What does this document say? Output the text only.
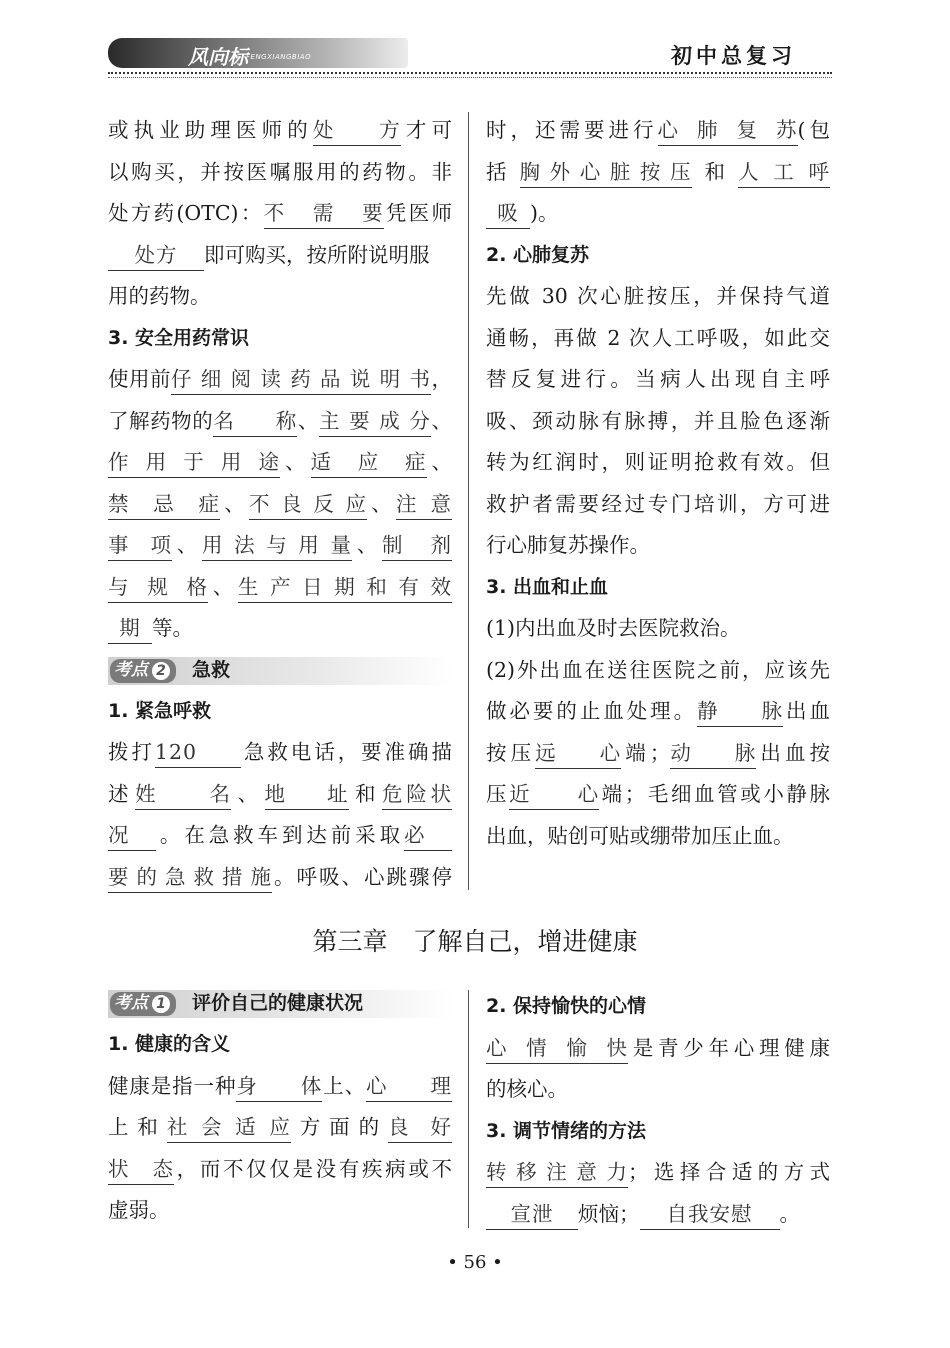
风向标
FENGXIANGBIAO	初中总复习

或执业助理医师的处方才可

以购买，并按医嘱服用的药物。非

处方药(OTC)：不需要凭医师

处方 即可购买，按所附说明服

用的药物。

3. 安全用药常识

使用前仔细阅读药品说明书，

了解药物的名称、主要成分、

作用于用途、适应症、

禁忌症、不良反应、注意

事项、用法与用量、制剂

与规格、生产日期和有效

期 等。

考点 2 急救

1. 紧急呼救

拨打120 急救电话，要准确描

述姓名、地址和危险状

况 。在急救车到达前采取必

要的急救措施。呼吸、心跳骤停

时，还需要进行心肺复苏(包

括胸外心脏按压和人工呼

吸 )。

2. 心肺复苏

先做 30 次心脏按压，并保持气道

通畅，再做 2 次人工呼吸，如此交

替反复进行。当病人出现自主呼

吸、颈动脉有脉搏，并且脸色逐渐

转为红润时，则证明抢救有效。但

救护者需要经过专门培训，方可进

行心肺复苏操作。

3. 出血和止血

(1)内出血及时去医院救治。

(2)外出血在送往医院之前，应该先

做必要的止血处理。静脉出血

按压远心端；动脉出血按

压近心端；毛细血管或小静脉

出血，贴创可贴或绷带加压止血。

第三章　了解自己，增进健康
考点 1 评价自己的健康状况

1. 健康的含义

健康是指一种身体上、心理

上和社会适应方面的良好

状态，而不仅仅是没有疾病或不

虚弱。

2. 保持愉快的心情

心情愉快是青少年心理健康

的核心。

3. 调节情绪的方法

转移注意力；选择合适的方式

宣泄 烦恼； 自我安慰 。

• 56 •
